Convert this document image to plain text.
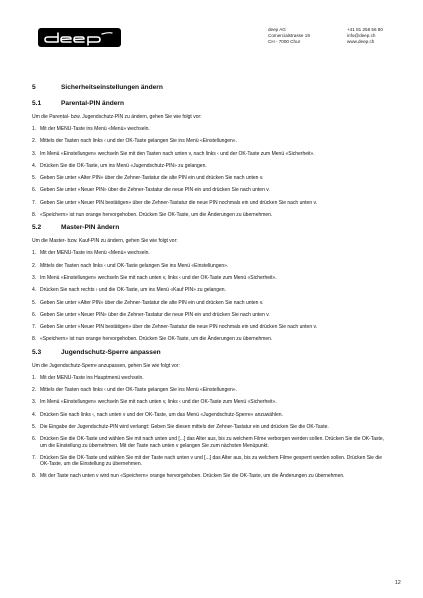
deep AG
Comercialstrasse 19
CH - 7000 Chur
+41 81 258 56 80
info@deep.ch
www.deep.ch
5	Sicherheitseinstellungen ändern
5.1	Parental-PIN ändern
Um die Parental- bzw. Jugendschutz-PIN zu ändern, gehen Sie wie folgt vor:
1. Mit der MENU-Taste ins Menü «Menü» wechseln.
2. Mittels der Tasten nach links ‹ und der OK-Taste gelangen Sie ins Menü «Einstellungen».
3. Im Menü «Einstellungen» wechseln Sie mit den Tasten nach unten v, nach links ‹ und der OK-Taste zum Menü «Sicherheit».
4. Drücken Sie die OK-Taste, um ins Menü «Jugendschutz-PIN» zu gelangen.
5. Geben Sie unter «Alter PIN» über die Zehner-Tastatur die alte PIN ein und drücken Sie nach unten v.
6. Geben Sie unter «Neuer PIN» über die Zehner-Tastatur die neue PIN ein und drücken Sie nach unten v.
7. Geben Sie unter «Neuer PIN bestätigen» über die Zehner-Tastatur die neue PIN nochmals ein und drücken Sie nach unten v.
8. «Speichern» ist nun orange hervorgehoben. Drücken Sie OK-Taste, um die Änderungen zu übernehmen.
5.2	Master-PIN ändern
Um die Master- bzw. Kauf-PIN zu ändern, gehen Sie wie folgt vor:
1. Mit der MENU-Taste ins Menü «Menü» wechseln.
2. Mittels der Tasten nach links ‹ und OK-Taste gelangen Sie ins Menü «Einstellungen».
3. Im Menü «Einstellungen» wechseln Sie mit nach unten v, links ‹ und der OK-Taste zum Menü «Sicherheit».
4. Drücken Sie nach rechts › und die OK-Taste, um ins Menü «Kauf PIN» zu gelangen.
5. Geben Sie unter «Alter PIN» über die Zehner-Tastatur die alte PIN ein und drücken Sie nach unten v.
6. Geben Sie unter «Neuer PIN» über die Zehner-Tastatur die neue PIN ein und drücken Sie nach unten v.
7. Geben Sie unter «Neuer PIN bestätigen» über die Zehner-Tastatur die neue PIN nochmals ein und drücken Sie nach unten v.
8. «Speichern» ist nun orange hervorgehoben. Drücken Sie OK-Taste, um die Änderungen zu übernehmen.
5.3	Jugendschutz-Sperre anpassen
Um die Jugendschutz-Sperre anzupassen, gehen Sie wie folgt vor:
1. Mit der MENU-Taste ins Hauptmenü wechseln.
2. Mittels der Tasten nach links ‹ und der OK-Taste gelangen Sie ins Menü «Einstellungen».
3. Im Menü «Einstellungen» wechseln Sie mit nach unten v, links ‹ und der OK-Taste zum Menü «Sicherheit».
4. Drücken Sie nach links ‹, nach unten v und der OK-Taste, um das Menü «Jugendschutz-Sperre» anzuwählen.
5. Die Eingabe der Jugendschutz-PIN wird verlangt: Geben Sie diesen mittels der Zehner-Tastatur ein und drücken Sie die OK-Taste.
6. Drücken Sie die OK-Taste und wählen Sie mit nach unten und [...] das Alter aus, bis zu welchem Filme verborgen werden sollen. Drücken Sie die OK-Taste, um die Einstellung zu übernehmen. Mit der Taste nach unten v gelangen Sie zum nächsten Menüpunkt.
7. Drücken Sie die OK-Taste und wählen Sie mit der Taste nach unten v und [...] das Alter aus, bis zu welchem Filme gesperrt werden sollen. Drücken Sie die OK-Taste, um die Einstellung zu übernehmen.
8. Mit der Taste nach unten v wird nun «Speichern» orange hervorgehoben. Drücken Sie die OK-Taste, um die Änderungen zu übernehmen.
12
